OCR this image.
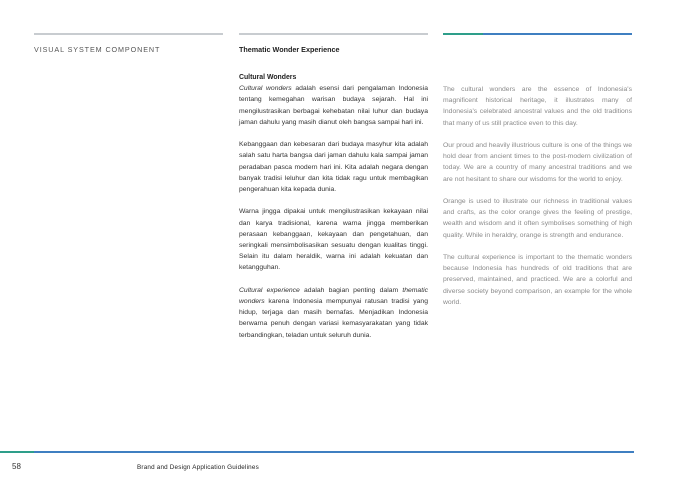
VISUAL SYSTEM COMPONENT	Thematic Wonder Experience
Cultural Wonders

Cultural wonders adalah esensi dari pengalaman Indonesia tentang kemegahan warisan budaya sejarah. Hal ini mengilustrasikan berbagai kehebatan nilai luhur dan budaya jaman dahulu yang masih dianut oleh bangsa sampai hari ini.

Kebanggaan dan kebesaran dari budaya masyhur kita adalah salah satu harta bangsa dari jaman dahulu kala sampai jaman peradaban pasca modern hari ini. Kita adalah negara dengan banyak tradisi leluhur dan kita tidak ragu untuk membagikan pengerahuan kita kepada dunia.

Warna jingga dipakai untuk mengilustrasikan kekayaan nilai dan karya tradisional, karena warna jingga memberikan perasaan kebanggaan, kekayaan dan pengetahuan, dan seringkali mensimbolisasikan sesuatu dengan kualitas tinggi. Selain itu dalam heraldik, warna ini adalah kekuatan dan ketangguhan.

Cultural experience adalah bagian penting dalam thematic wonders karena Indonesia mempunyai ratusan tradisi yang hidup, terjaga dan masih bernafas. Menjadikan Indonesia berwarna penuh dengan variasi kemasyarakatan yang tidak terbandingkan, teladan untuk seluruh dunia.

The cultural wonders are the essence of Indonesia's magnificent historical heritage, it illustrates many of Indonesia's celebrated ancestral values and the old traditions that many of us still practice even to this day.

Our proud and heavily illustrious culture is one of the things we hold dear from ancient times to the post-modern civilization of today. We are a country of many ancestral traditions and we are not hesitant to share our wisdoms for the world to enjoy.

Orange is used to illustrate our richness in traditional values and crafts, as the color orange gives the feeling of prestige, wealth and wisdom and it often symbolises something of high quality. While in heraldry, orange is strength and endurance.

The cultural experience is important to the thematic wonders because Indonesia has hundreds of old traditions that are preserved, maintained, and practiced. We are a colorful and diverse society beyond comparison, an example for the whole world.

58	Brand and Design Application Guidelines
